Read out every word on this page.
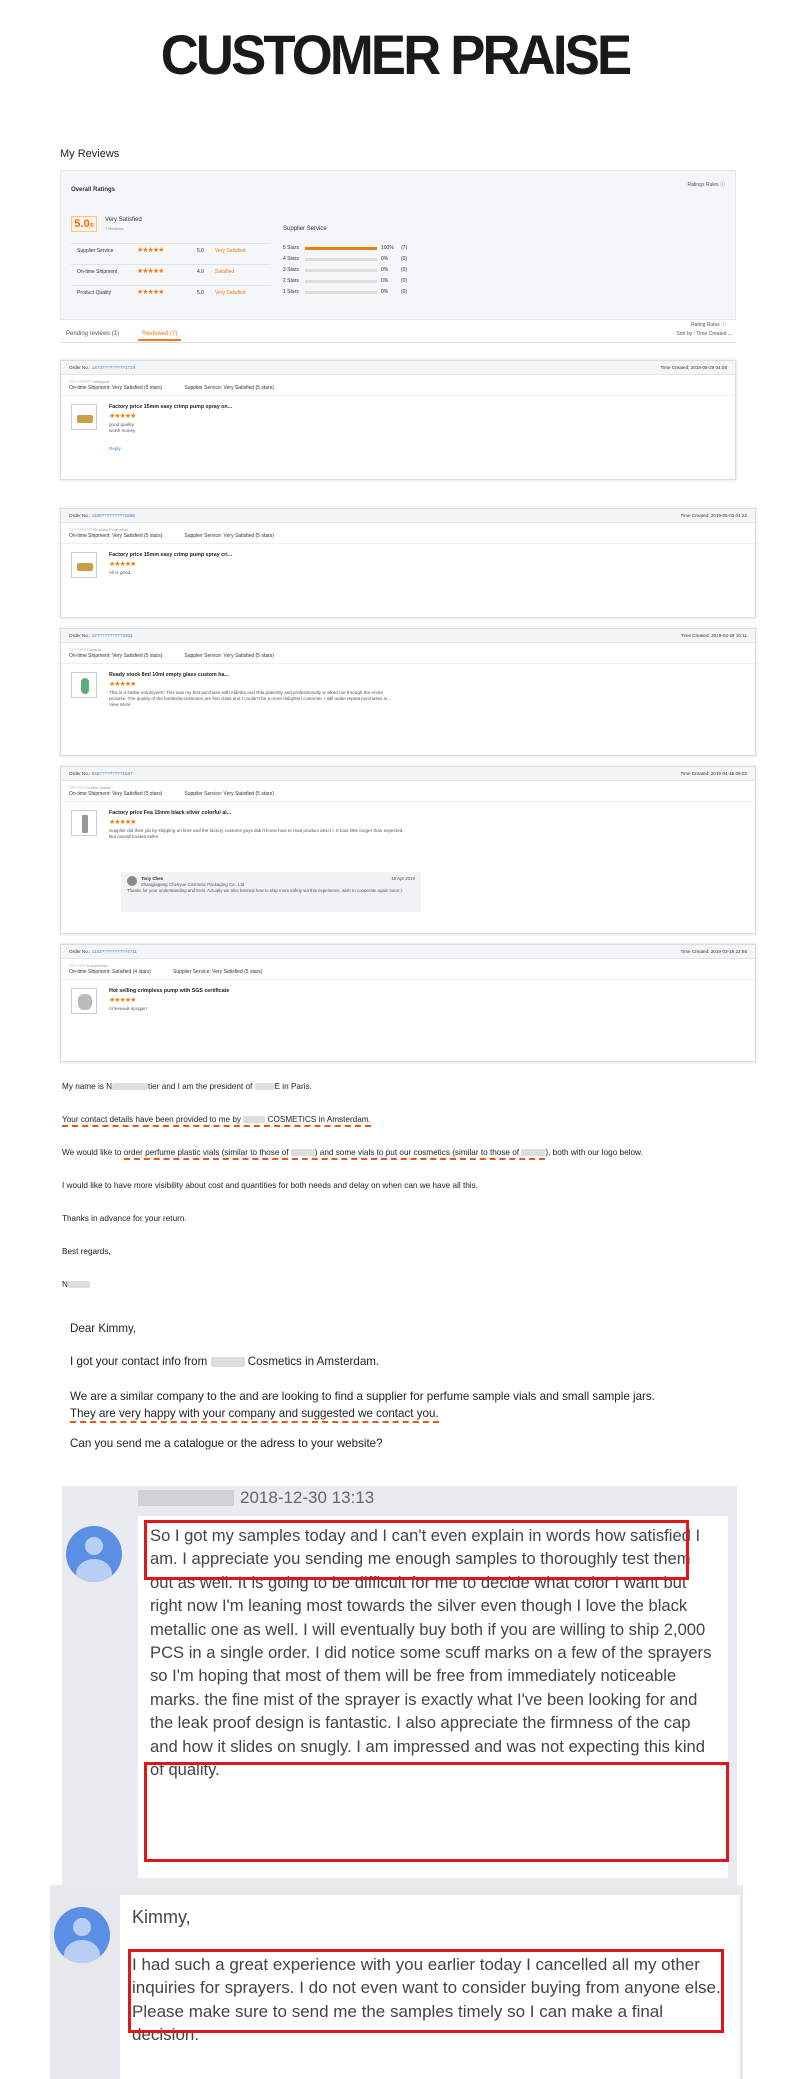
CUSTOMER PRAISE
My Reviews
Overall Ratings
Ratings Rules ⓘ
5.0/5
Very Satisfied
7 Reviews
Supplier Service	★★★★★	5.0 Very Satisfied
On-time Shipment	★★★★★	4.9 Satisfied
Product Quality	★★★★★	5.0 Very Satisfied
Supplier Service
5 Stars	100% (7)
4 Stars	0%	(0)
3 Stars	0%	(0)
2 Stars	0%	(0)
1 Stars	0%	(0)
Pending reviews (1)	Reviewed (7)
Rating Rules ⓘ
Sort by : Time Created ⌄
Order No.: 1473?????????1720	Time Created: 2019-06-29 04:08
??? ??????? Malaysia
On-time Shipment: Very Satisfied (5 stars)	Supplier Service: Very Satisfied (5 stars)
Factory price 15mm easy crimp pump spray on...
★★★★★
good quality
worth money
Reply
Order No.: 1150?????????1658	Time Created: 2019-05-03 04:22
??? ??????? Russian Federation
On-time Shipment: Very Satisfied (5 stars)	Supplier Service: Very Satisfied (5 stars)
Factory price 15mm easy crimp pump spray cri...
★★★★★
All is good.
Order No.: 12??????????3201	Time Created: 2019-04-28 10:11
??? ???? Canada
On-time Shipment: Very Satisfied (5 stars)	Supplier Service: Very Satisfied (5 stars)
Ready stock 8ml 10ml empty glass custom ha...
★★★★★
This is a stellar employee!!! This was my first purchase with Alibaba and Rita patiently and professionally w alked me through the entire process. The quality of the bottles/accessories are first class and I couldn't be a more delighted customer. I will make repeat purchases in... View More
Order No.: 946?????????1667	Time Created: 2019-04-16 09:02
??? ???? United States
On-time Shipment: Very Satisfied (5 stars)	Supplier Service: Very Satisfied (5 stars)
Factory price Fea 15mm black silver colorful al...
★★★★★
Supplier did their job by shipping on time and the factory customs guys didn't know how to read product descr i. It took little longer than expected. But overall trusted seller.
Tony Chen
Zhangjiagang Chenyue Cosmetic Packaging Co., Ltd
18 Apr 2019
Thanks for your understanding and trust. Actually we also learned how to ship more safety via this experience, wish to cooperate again soon:)
Order No.: 1143??????????4711	Time Created: 2019-03-19 22:56
??? ???? Kazakhstan
On-time Shipment: Satisfied (4 stars)	Supplier Service: Very Satisfied (5 stars)
Hot selling crimpless pump with SGS certificate
★★★★★
отличный продукт
My name is N	tier and I am the president of	E in Paris.
Your contact details have been provided to me by	COSMETICS in Amsterdam.
We would like to order perfume plastic vials (similar to those of	) and some vials to put our cosmetics (similar to those of	), both with our logo below.
I would like to have more visibility about cost and quantities for both needs and delay on when can we have all this.
Thanks in advance for your return.
Best regards,
N
Dear Kimmy,
I got your contact info from	Cosmetics in Amsterdam.
We are a similar company to the and are looking to find a supplier for perfume sample vials and small sample jars.
They are very happy with your company and suggested we contact you.
Can you send me a catalogue or the adress to your website?
2018-12-30 13:13
So I got my samples today and I can't even explain in words how satisfied I am. I appreciate you sending me enough samples to thoroughly test them out as well. It is going to be difficult for me to decide what color I want but right now I'm leaning most towards the silver even though I love the black metallic one as well. I will eventually buy both if you are willing to ship 2,000 PCS in a single order. I did notice some scuff marks on a few of the sprayers so I'm hoping that most of them will be free from immediately noticeable marks. the fine mist of the sprayer is exactly what I've been looking for and the leak proof design is fantastic. I also appreciate the firmness of the cap and how it slides on snugly. I am impressed and was not expecting this kind of quality.
Kimmy,
I had such a great experience with you earlier today I cancelled all my other inquiries for sprayers. I do not even want to consider buying from anyone else. Please make sure to send me the samples timely so I can make a final decision.
